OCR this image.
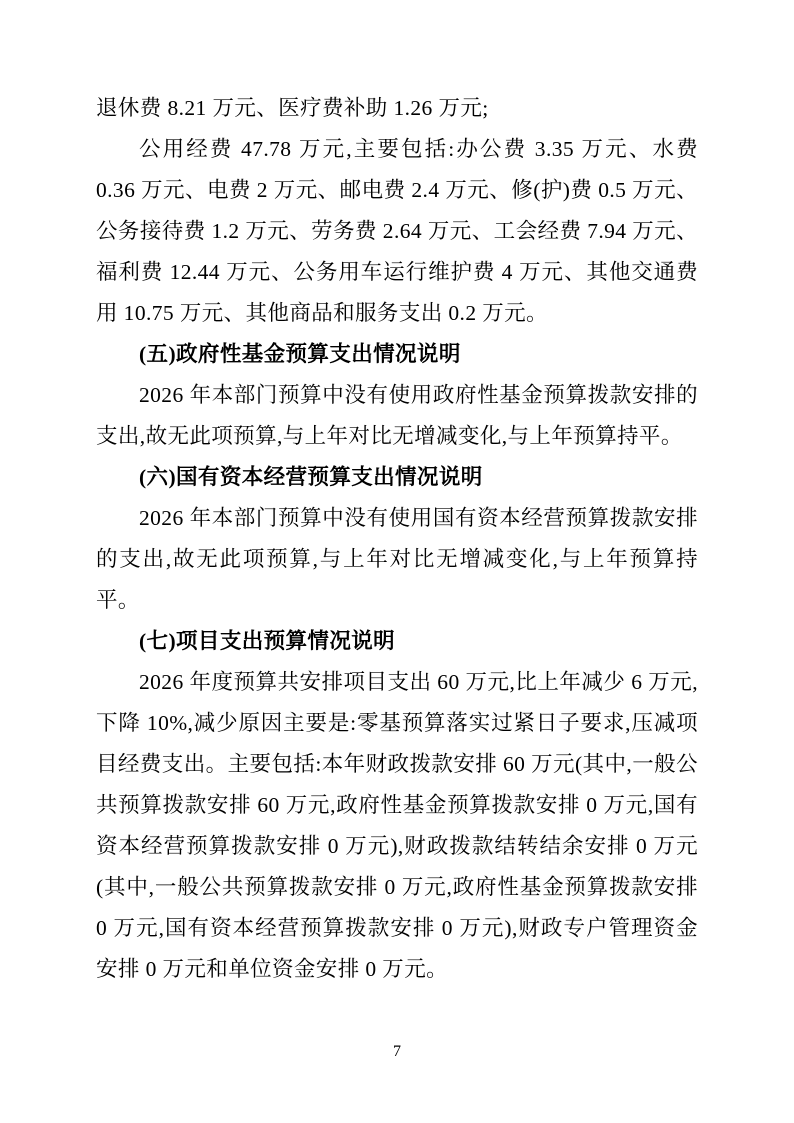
退休费 8.21 万元、医疗费补助 1.26 万元;

公用经费 47.78 万元,主要包括:办公费 3.35 万元、水费 0.36 万元、电费 2 万元、邮电费 2.4 万元、修(护)费 0.5 万元、公务接待费 1.2 万元、劳务费 2.64 万元、工会经费 7.94 万元、福利费 12.44 万元、公务用车运行维护费 4 万元、其他交通费用 10.75 万元、其他商品和服务支出 0.2 万元。

(五)政府性基金预算支出情况说明

2026 年本部门预算中没有使用政府性基金预算拨款安排的支出,故无此项预算,与上年对比无增减变化,与上年预算持平。

(六)国有资本经营预算支出情况说明

2026 年本部门预算中没有使用国有资本经营预算拨款安排的支出,故无此项预算,与上年对比无增减变化,与上年预算持平。

(七)项目支出预算情况说明

2026 年度预算共安排项目支出 60 万元,比上年减少 6 万元,下降 10%,减少原因主要是:零基预算落实过紧日子要求,压减项目经费支出。主要包括:本年财政拨款安排 60 万元(其中,一般公共预算拨款安排 60 万元,政府性基金预算拨款安排 0 万元,国有资本经营预算拨款安排 0 万元),财政拨款结转结余安排 0 万元(其中,一般公共预算拨款安排 0 万元,政府性基金预算拨款安排 0 万元,国有资本经营预算拨款安排 0 万元),财政专户管理资金安排 0 万元和单位资金安排 0 万元。

7
